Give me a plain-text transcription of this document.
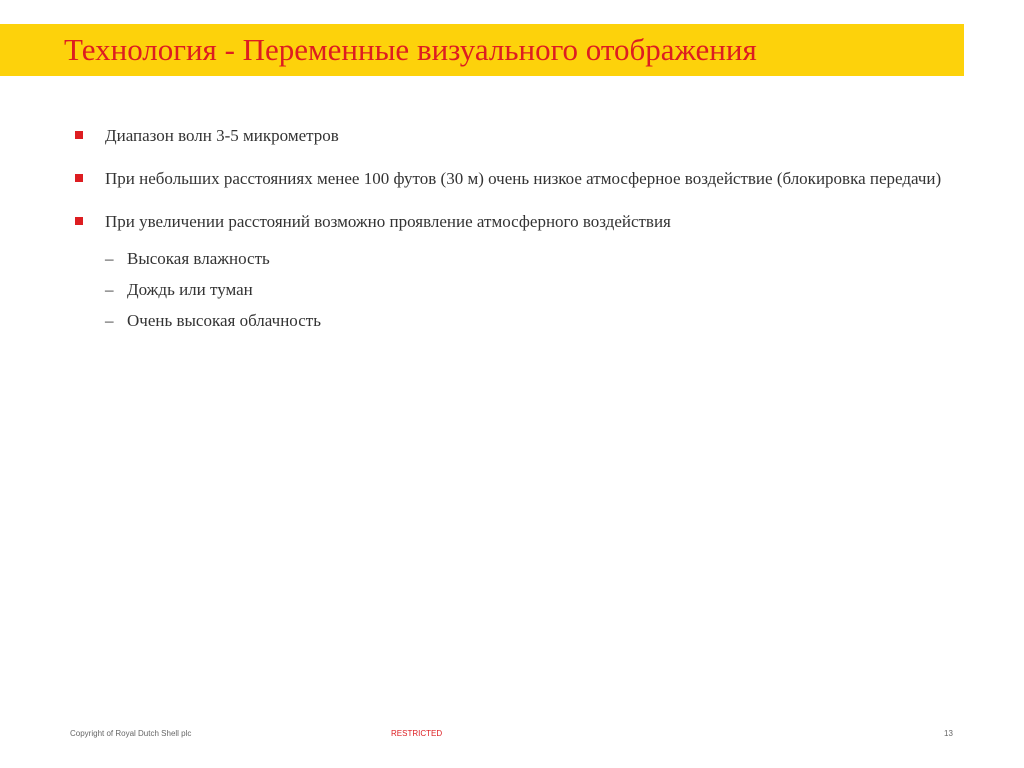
Технология - Переменные визуального отображения
Диапазон волн 3-5 микрометров
При небольших расстояниях менее 100 футов (30 м) очень низкое атмосферное воздействие (блокировка передачи)
При увеличении расстояний возможно проявление атмосферного воздействия
– Высокая влажность
– Дождь или туман
– Очень высокая облачность
Copyright of Royal Dutch Shell plc	RESTRICTED	13
